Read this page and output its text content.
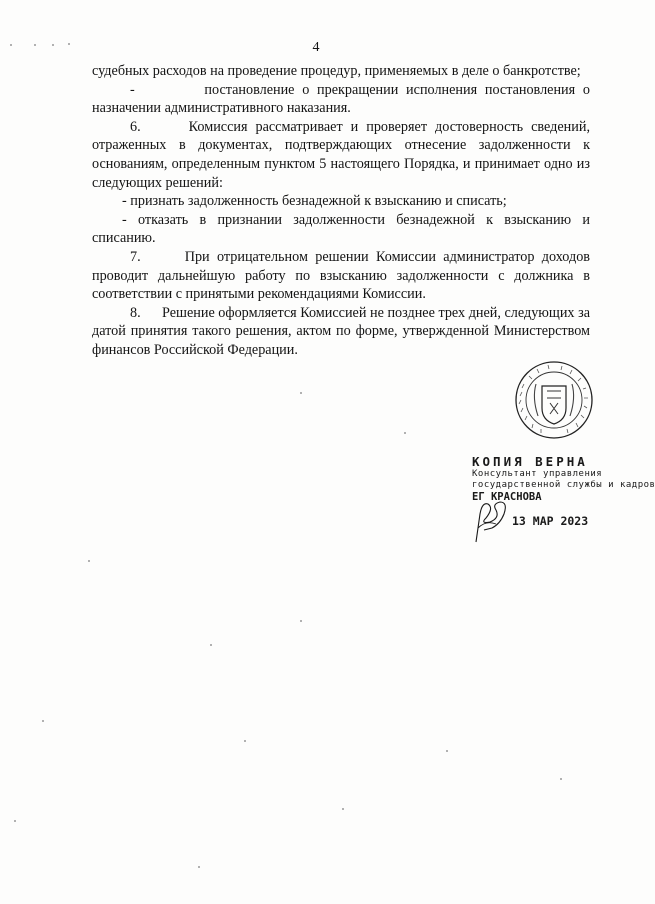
4

судебных расходов на проведение процедур, применяемых в деле о банкротстве;

-         постановление о прекращении исполнения постановления о назначении административного наказания.

6.      Комиссия рассматривает и проверяет достоверность сведений, отраженных в документах, подтверждающих отнесение задолженности к основаниям, определенным пунктом 5 настоящего Порядка, и принимает одно из следующих решений:

- признать задолженность безнадежной к взысканию и списать;

- отказать в признании задолженности безнадежной к взысканию и списанию.

7.      При отрицательном решении Комиссии администратор доходов проводит дальнейшую работу по взысканию задолженности с должника в соответствии с принятыми рекомендациями Комиссии.

8.      Решение оформляется Комиссией не позднее трех дней, следующих за датой принятия такого решения, актом по форме, утвержденной Министерством финансов Российской Федерации.

КОПИЯ ВЕРНА
Консультант управления
государственной службы и кадров
ЕГ КРАСНОВА
13 МАР 2023
